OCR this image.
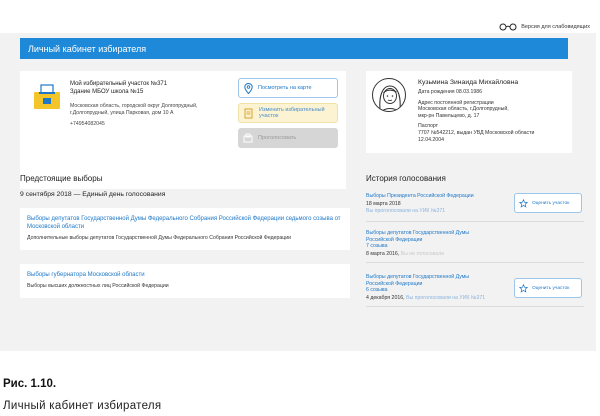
Версия для слабовидящих
Личный кабинет избирателя
Мой избирательный участок №371
Здание МБОУ школа №15
Московская область, городской округ Долгопрудный, г.Долгопрудный, улица Парковая, дом 10 А
+74954082045
Посмотреть на карте
Изменить избирательный участок
Проголосовать
Кузьмина Зинаида Михайловна
Дата рождения 08.03.1986
Адрес постоянной регистрации
Московская область, г.Долгопрудный,
мкр-рн Павельцево, д. 17
Паспорт
7707 №542212, выдан УВД Московской области
12.04.2004
Предстоящие выборы
9 сентября 2018 — Единый день голосования
Выборы депутатов Государственной Думы Федерального Собрания Российской Федерации седьмого созыва от Московской области
Дополнительные выборы депутатов Государственной Думы Федерального Собрания Российской Федерации
Выборы губернатора Московской области
Выборы высших должностных лиц Российской Федерации
История голосования
Выборы Президента Российской Федерации
18 марта 2018
Вы проголосовали на УИК №371
Оценить участок
Выборы депутатов Государственной Думы
Российской Федерации
7 созыва
8 марта 2016, Вы не голосовали
Выборы депутатов Государственной Думы
Российской Федерации
6 созыва
4 декабря 2016, Вы проголосовали на УИК №371
Оценить участок
Рис. 1.10.
Личный кабинет избирателя
